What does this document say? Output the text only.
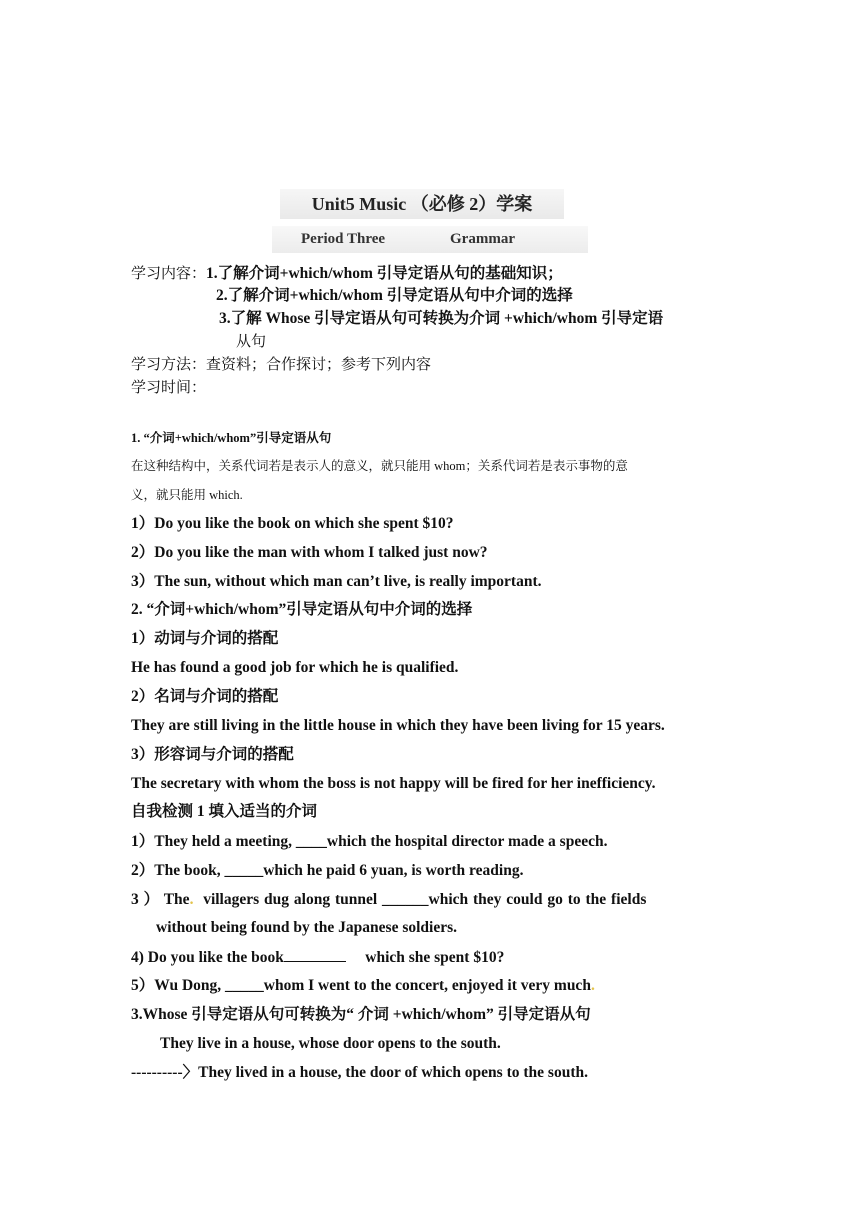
Unit5 Music （必修 2）学案
Period Three	Grammar
学习内容：1.了解介词+which/whom 引导定语从句的基础知识；
2.了解介词+which/whom 引导定语从句中介词的选择
3.了解 Whose 引导定语从句可转换为介词 +which/whom 引导定语
从句
学习方法：查资料；合作探讨；参考下列内容
学习时间：
1. “介词+which/whom”引导定语从句
在这种结构中，关系代词若是表示人的意义，就只能用 whom；关系代词若是表示事物的意
义，就只能用 which.
1）Do you like the book on which she spent $10?
2）Do you like the man with whom I talked just now?
3）The sun, without which man can’t live, is really important.
2. “介词+which/whom”引导定语从句中介词的选择
1）动词与介词的搭配
He has found a good job for which he is qualified.
2）名词与介词的搭配
They are still living in the little house in which they have been living for 15 years.
3）形容词与介词的搭配
The secretary with whom the boss is not happy will be fired for her inefficiency.
自我检测 1 填入适当的介词
1）They held a meeting, ____which the hospital director made a speech.
2）The book, _____which he paid 6 yuan, is worth reading.
3 ） The. villagers dug along tunnel ______which they could go to the fields
without being found by the Japanese soldiers.
4) Do you like the book	which she spent $10?
5）Wu Dong, _____whom I went to the concert, enjoyed it very much.
3.Whose 引导定语从句可转换为“ 介词 +which/whom” 引导定语从句
They live in a house, whose door opens to the south.
----------〉They lived in a house, the door of which opens to the south.
